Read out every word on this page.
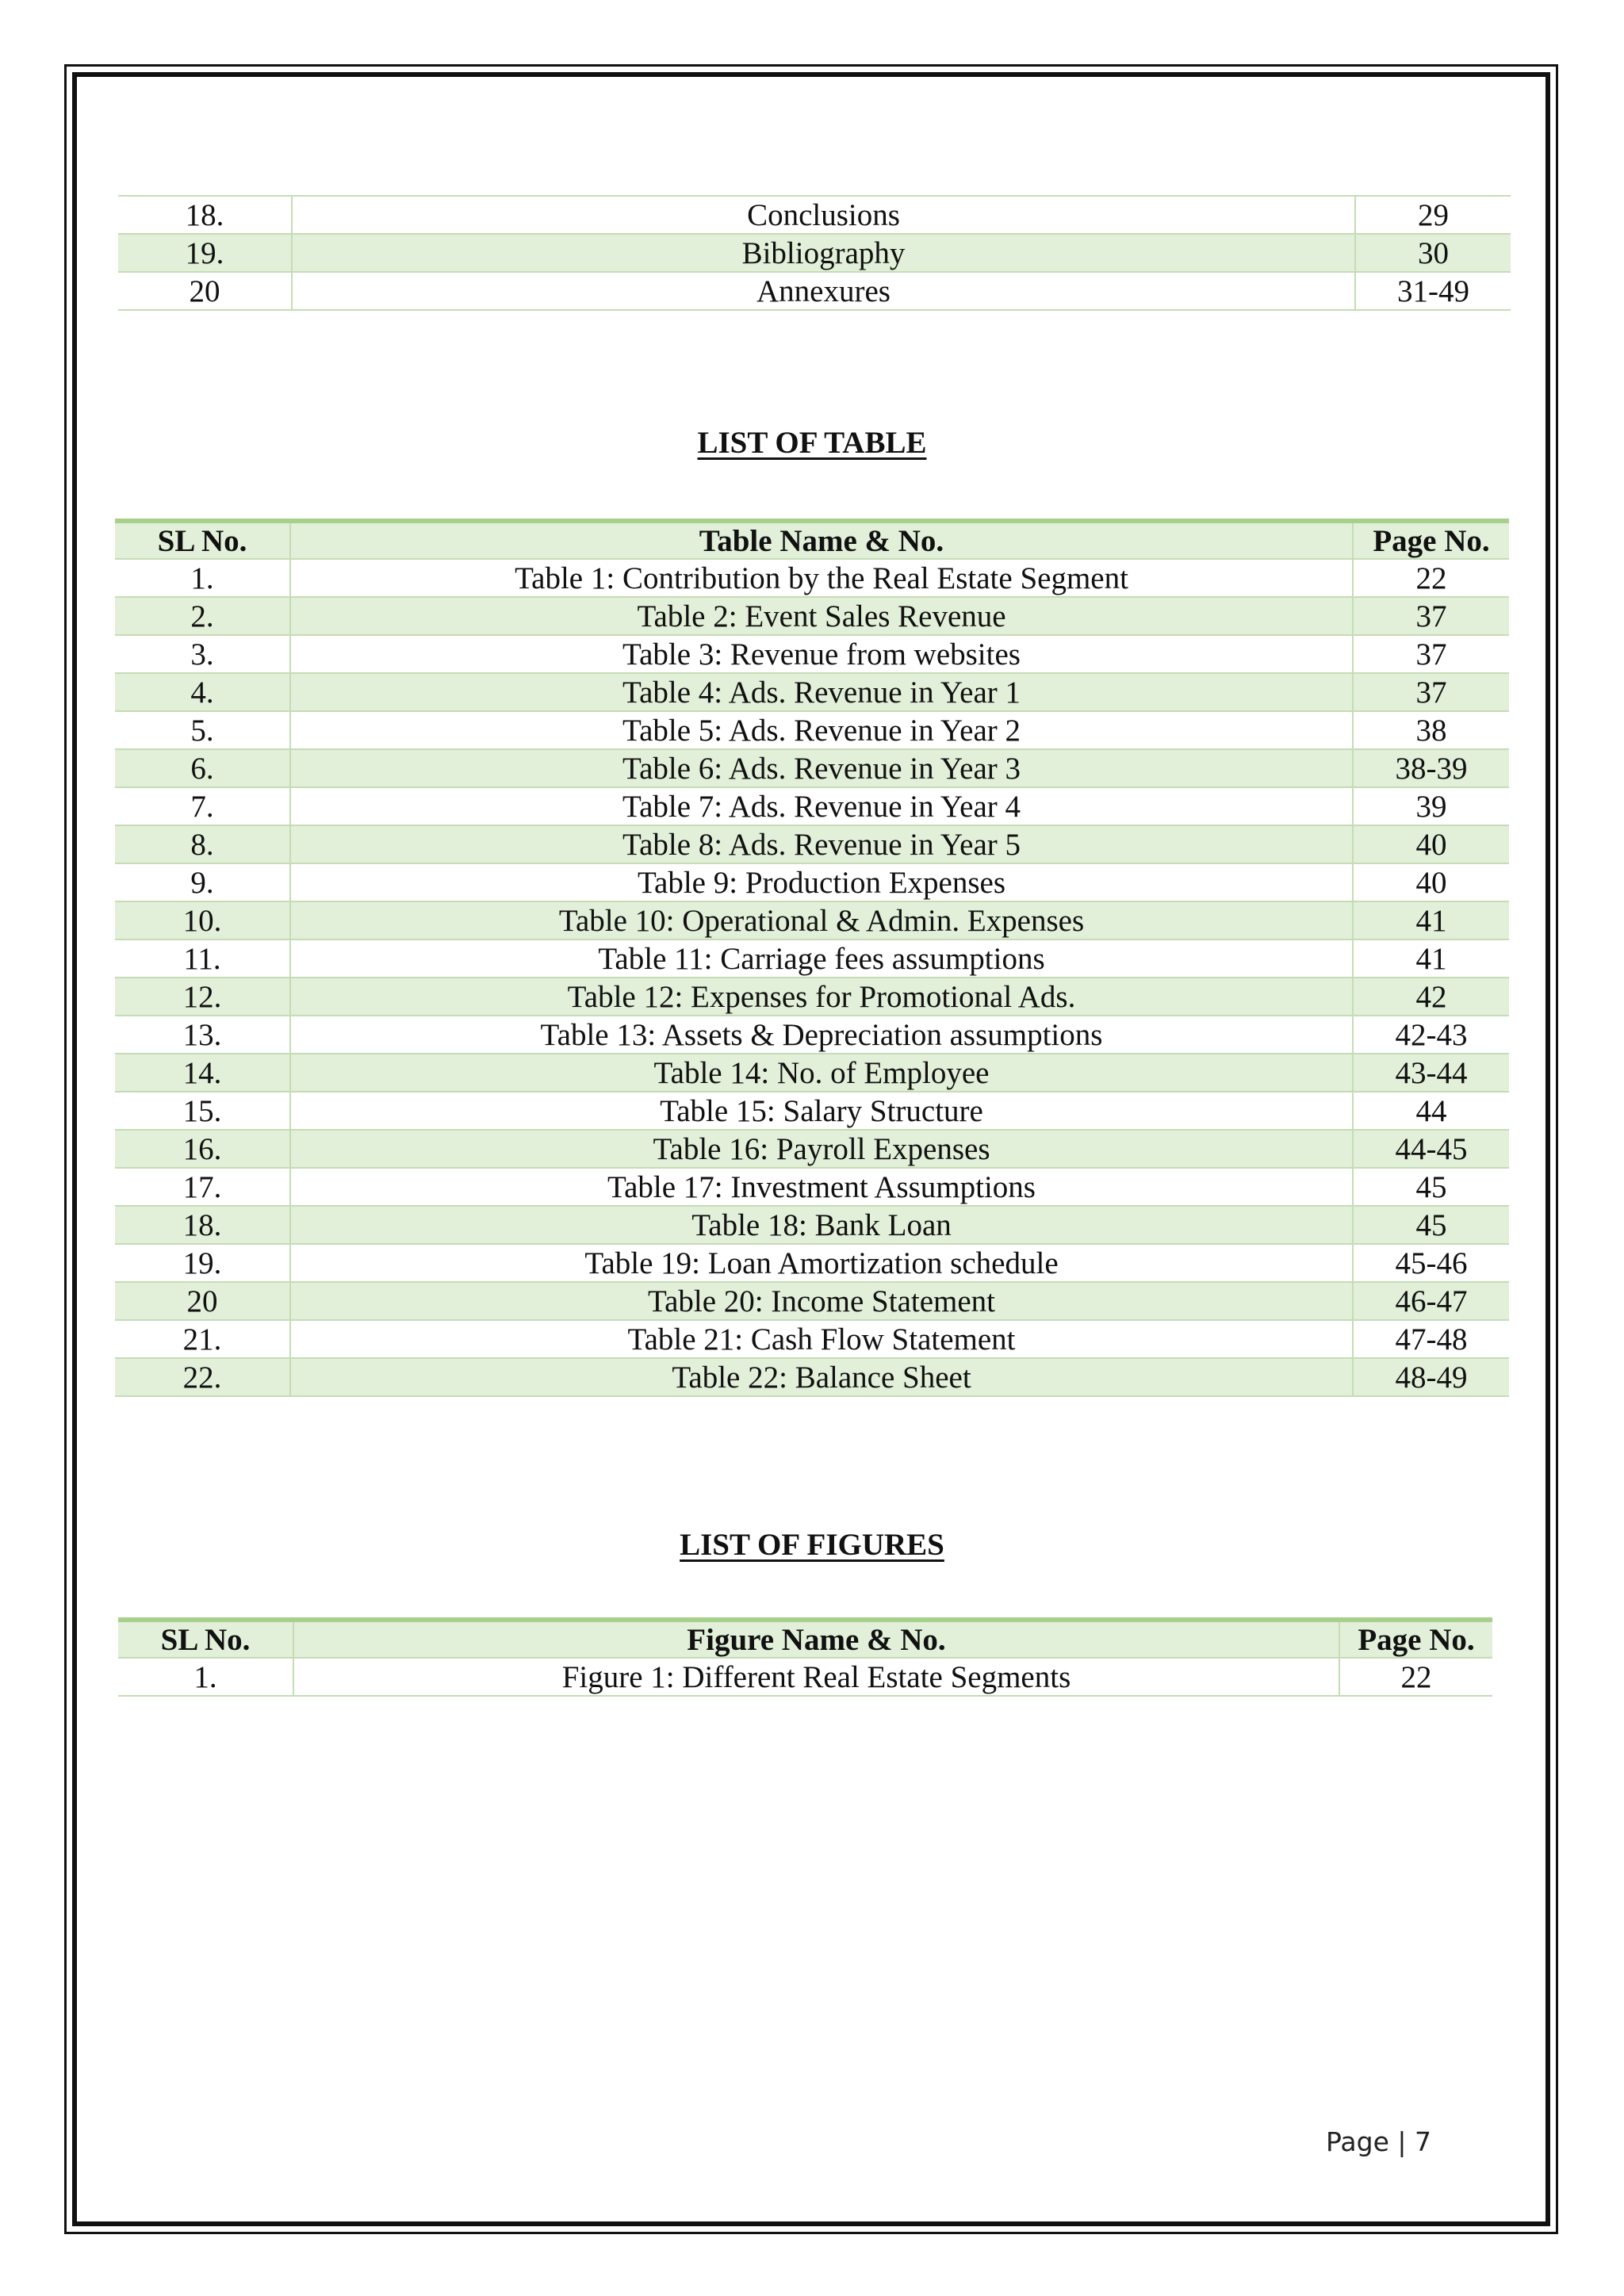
18.	Conclusions	29
19.	Bibliography	30
20	Annexures	31-49
LIST OF TABLE
SL No.	Table Name & No.	Page No.
1.	Table 1: Contribution by the Real Estate Segment	22
2.	Table 2: Event Sales Revenue	37
3.	Table 3: Revenue from websites	37
4.	Table 4: Ads. Revenue in Year 1	37
5.	Table 5: Ads. Revenue in Year 2	38
6.	Table 6: Ads. Revenue in Year 3	38-39
7.	Table 7: Ads. Revenue in Year 4	39
8.	Table 8: Ads. Revenue in Year 5	40
9.	Table 9: Production Expenses	40
10.	Table 10: Operational & Admin. Expenses	41
11.	Table 11: Carriage fees assumptions	41
12.	Table 12: Expenses for Promotional Ads.	42
13.	Table 13: Assets & Depreciation assumptions	42-43
14.	Table 14: No. of Employee	43-44
15.	Table 15: Salary Structure	44
16.	Table 16: Payroll Expenses	44-45
17.	Table 17: Investment Assumptions	45
18.	Table 18: Bank Loan	45
19.	Table 19: Loan Amortization schedule	45-46
20	Table 20: Income Statement	46-47
21.	Table 21: Cash Flow Statement	47-48
22.	Table 22: Balance Sheet	48-49
LIST OF FIGURES
SL No.	Figure Name & No.	Page No.
1.	Figure 1: Different Real Estate Segments	22
Page | 7
